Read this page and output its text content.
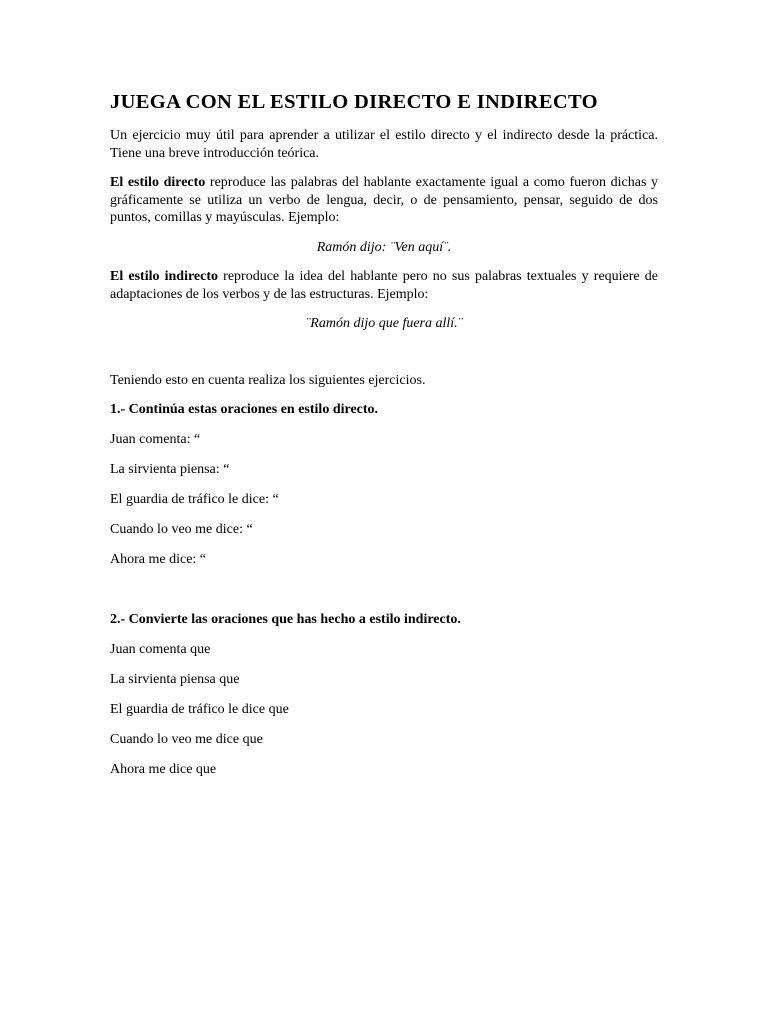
JUEGA CON EL ESTILO DIRECTO E INDIRECTO

Un ejercicio muy útil para aprender a utilizar el estilo directo y el indirecto desde la práctica. Tiene una breve introducción teórica.

El estilo directo reproduce las palabras del hablante exactamente igual a como fueron dichas y gráficamente se utiliza un verbo de lengua, decir, o de pensamiento, pensar, seguido de dos puntos, comillas y mayúsculas. Ejemplo:

Ramón dijo: ¨Ven aquí¨.

El estilo indirecto reproduce la idea del hablante pero no sus palabras textuales y requiere de adaptaciones de los verbos y de las estructuras. Ejemplo:

¨Ramón dijo que fuera allí.¨

Teniendo esto en cuenta realiza los siguientes ejercicios.

1.- Continúa estas oraciones en estilo directo.

Juan comenta: “

La sirvienta piensa: “

El guardia de tráfico le dice: “

Cuando lo veo me dice: “

Ahora me dice: “

2.- Convierte las oraciones que has hecho a estilo indirecto.

Juan comenta que

La sirvienta piensa que

El guardia de tráfico le dice que

Cuando lo veo me dice que

Ahora me dice que
